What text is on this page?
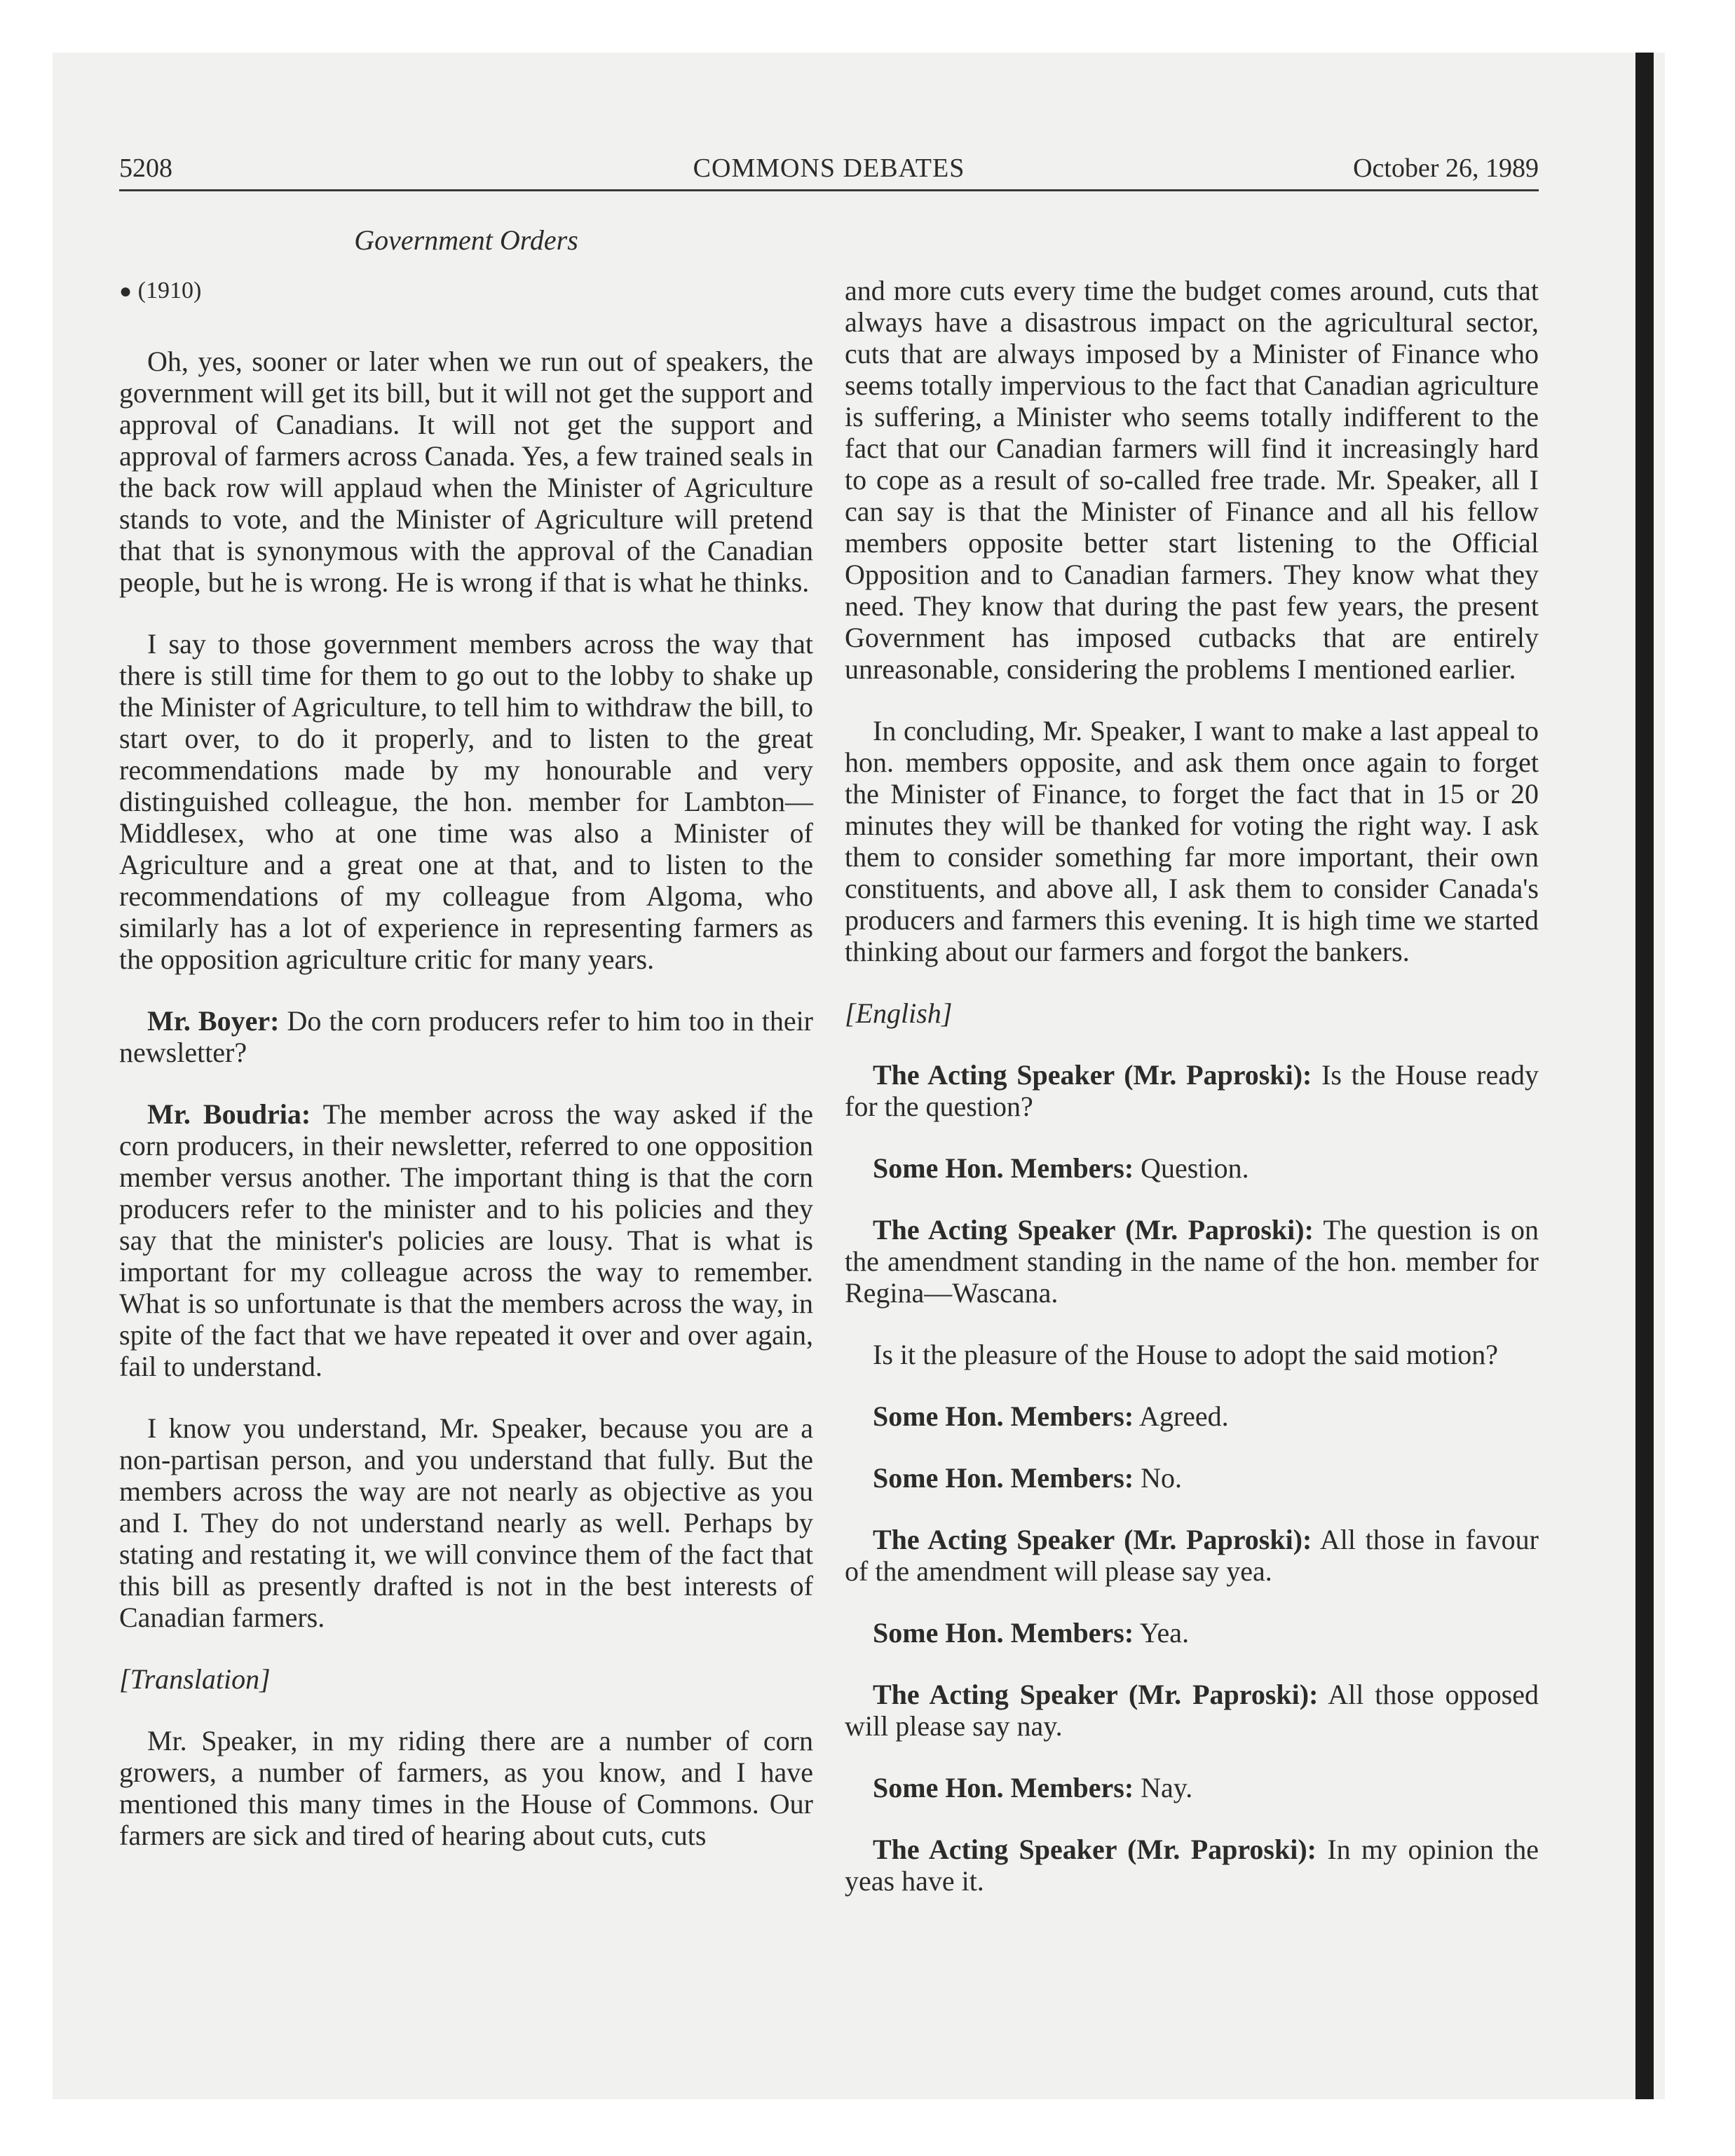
COMMONS DEBATES
5208	October 26, 1989
Government Orders
● (1910)

Oh, yes, sooner or later when we run out of speakers, the government will get its bill, but it will not get the support and approval of Canadians. It will not get the support and approval of farmers across Canada. Yes, a few trained seals in the back row will applaud when the Minister of Agriculture stands to vote, and the Minister of Agriculture will pretend that that is synonymous with the approval of the Canadian people, but he is wrong. He is wrong if that is what he thinks.

I say to those government members across the way that there is still time for them to go out to the lobby to shake up the Minister of Agriculture, to tell him to withdraw the bill, to start over, to do it properly, and to listen to the great recommendations made by my honourable and very distinguished colleague, the hon. member for Lambton—Middlesex, who at one time was also a Minister of Agriculture and a great one at that, and to listen to the recommendations of my colleague from Algoma, who similarly has a lot of experience in representing farmers as the opposition agriculture critic for many years.

Mr. Boyer: Do the corn producers refer to him too in their newsletter?

Mr. Boudria: The member across the way asked if the corn producers, in their newsletter, referred to one opposition member versus another. The important thing is that the corn producers refer to the minister and to his policies and they say that the minister's policies are lousy. That is what is important for my colleague across the way to remember. What is so unfortunate is that the members across the way, in spite of the fact that we have repeated it over and over again, fail to understand.

I know you understand, Mr. Speaker, because you are a non-partisan person, and you understand that fully. But the members across the way are not nearly as objective as you and I. They do not understand nearly as well. Perhaps by stating and restating it, we will convince them of the fact that this bill as presently drafted is not in the best interests of Canadian farmers.

[Translation]

Mr. Speaker, in my riding there are a number of corn growers, a number of farmers, as you know, and I have mentioned this many times in the House of Commons. Our farmers are sick and tired of hearing about cuts, cuts

and more cuts every time the budget comes around, cuts that always have a disastrous impact on the agricultural sector, cuts that are always imposed by a Minister of Finance who seems totally impervious to the fact that Canadian agriculture is suffering, a Minister who seems totally indifferent to the fact that our Canadian farmers will find it increasingly hard to cope as a result of so-called free trade. Mr. Speaker, all I can say is that the Minister of Finance and all his fellow members opposite better start listening to the Official Opposition and to Canadian farmers. They know what they need. They know that during the past few years, the present Government has imposed cutbacks that are entirely unreasonable, considering the problems I mentioned earlier.

In concluding, Mr. Speaker, I want to make a last appeal to hon. members opposite, and ask them once again to forget the Minister of Finance, to forget the fact that in 15 or 20 minutes they will be thanked for voting the right way. I ask them to consider something far more important, their own constituents, and above all, I ask them to consider Canada's producers and farmers this evening. It is high time we started thinking about our farmers and forgot the bankers.

[English]

The Acting Speaker (Mr. Paproski): Is the House ready for the question?

Some Hon. Members: Question.

The Acting Speaker (Mr. Paproski): The question is on the amendment standing in the name of the hon. member for Regina—Wascana.

Is it the pleasure of the House to adopt the said motion?

Some Hon. Members: Agreed.

Some Hon. Members: No.

The Acting Speaker (Mr. Paproski): All those in favour of the amendment will please say yea.

Some Hon. Members: Yea.

The Acting Speaker (Mr. Paproski): All those opposed will please say nay.

Some Hon. Members: Nay.

The Acting Speaker (Mr. Paproski): In my opinion the yeas have it.
